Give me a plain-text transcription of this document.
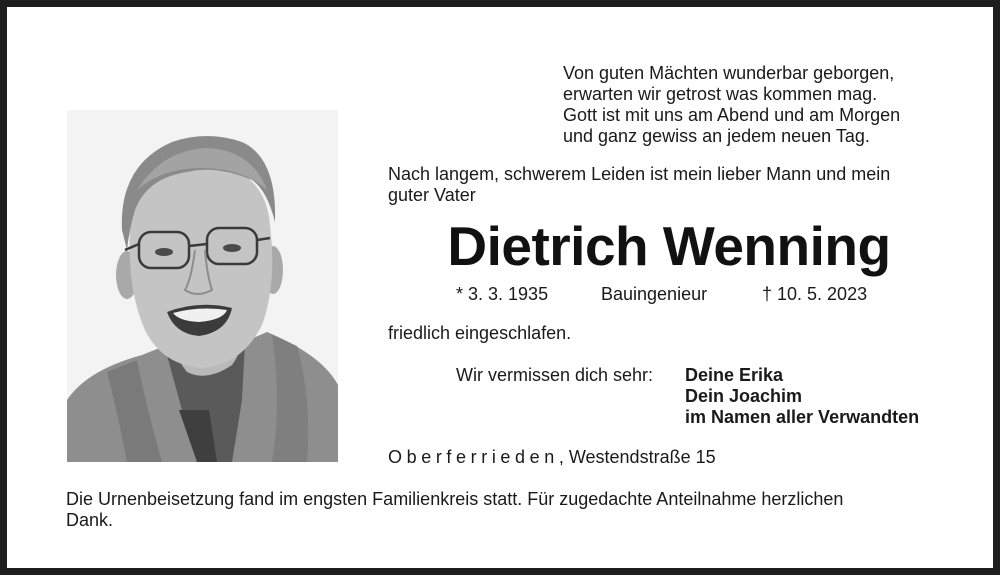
Von guten Mächten wunderbar geborgen,
erwarten wir getrost was kommen mag.
Gott ist mit uns am Abend und am Morgen
und ganz gewiss an jedem neuen Tag.
Nach langem, schwerem Leiden ist mein lieber Mann und mein
guter Vater
Dietrich Wenning
* 3. 3. 1935	Bauingenieur	† 10. 5. 2023
friedlich eingeschlafen.
Wir vermissen dich sehr: Deine Erika
Dein Joachim
im Namen aller Verwandten
Oberferrieden, Westendstraße 15
Die Urnenbeisetzung fand im engsten Familienkreis statt. Für zugedachte Anteilnahme herzlichen
Dank.
